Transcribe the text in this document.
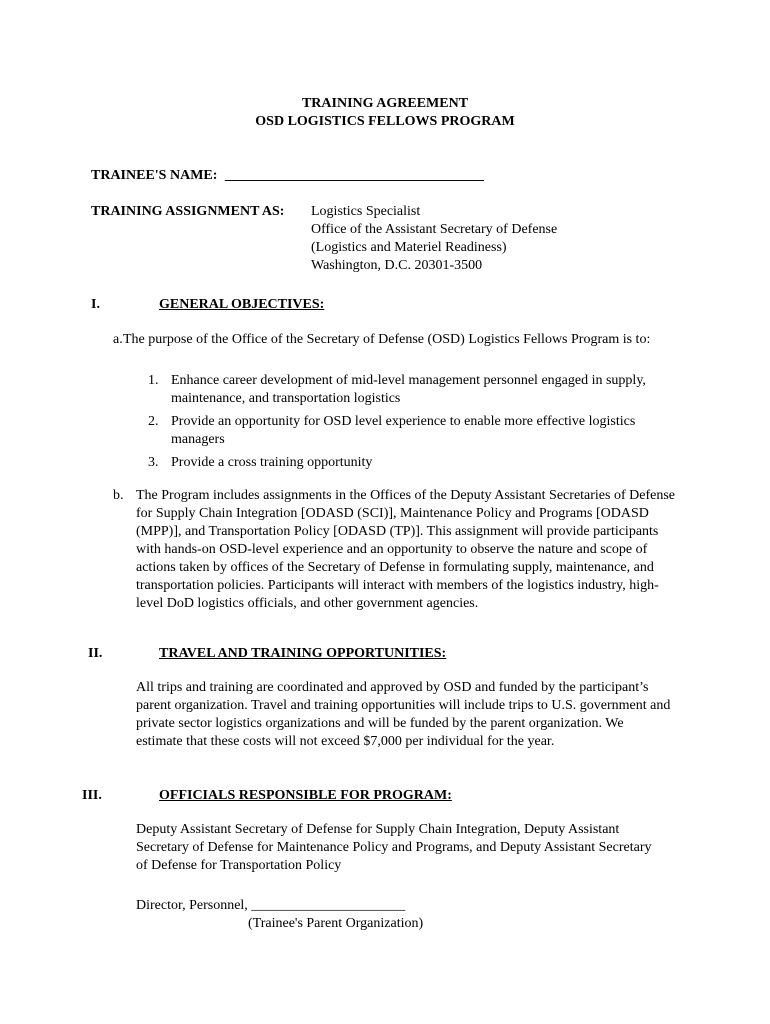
TRAINING AGREEMENT
OSD LOGISTICS FELLOWS PROGRAM
TRAINEE'S NAME: _____________________________________
TRAINING ASSIGNMENT AS: Logistics Specialist
Office of the Assistant Secretary of Defense
(Logistics and Materiel Readiness)
Washington, D.C. 20301-3500
I.	GENERAL OBJECTIVES:
a. The purpose of the Office of the Secretary of Defense (OSD) Logistics Fellows Program is to:
1. Enhance career development of mid-level management personnel engaged in supply, maintenance, and transportation logistics
2. Provide an opportunity for OSD level experience to enable more effective logistics managers
3. Provide a cross training opportunity
b. The Program includes assignments in the Offices of the Deputy Assistant Secretaries of Defense for Supply Chain Integration [ODASD (SCI)], Maintenance Policy and Programs [ODASD (MPP)], and Transportation Policy [ODASD (TP)]. This assignment will provide participants with hands-on OSD-level experience and an opportunity to observe the nature and scope of actions taken by offices of the Secretary of Defense in formulating supply, maintenance, and transportation policies. Participants will interact with members of the logistics industry, high-level DoD logistics officials, and other government agencies.
II.	TRAVEL AND TRAINING OPPORTUNITIES:
All trips and training are coordinated and approved by OSD and funded by the participant’s parent organization. Travel and training opportunities will include trips to U.S. government and private sector logistics organizations and will be funded by the parent organization. We estimate that these costs will not exceed $7,000 per individual for the year.
III.	OFFICIALS RESPONSIBLE FOR PROGRAM:
Deputy Assistant Secretary of Defense for Supply Chain Integration, Deputy Assistant Secretary of Defense for Maintenance Policy and Programs, and Deputy Assistant Secretary of Defense for Transportation Policy
Director, Personnel, ______________________
(Trainee's Parent Organization)
